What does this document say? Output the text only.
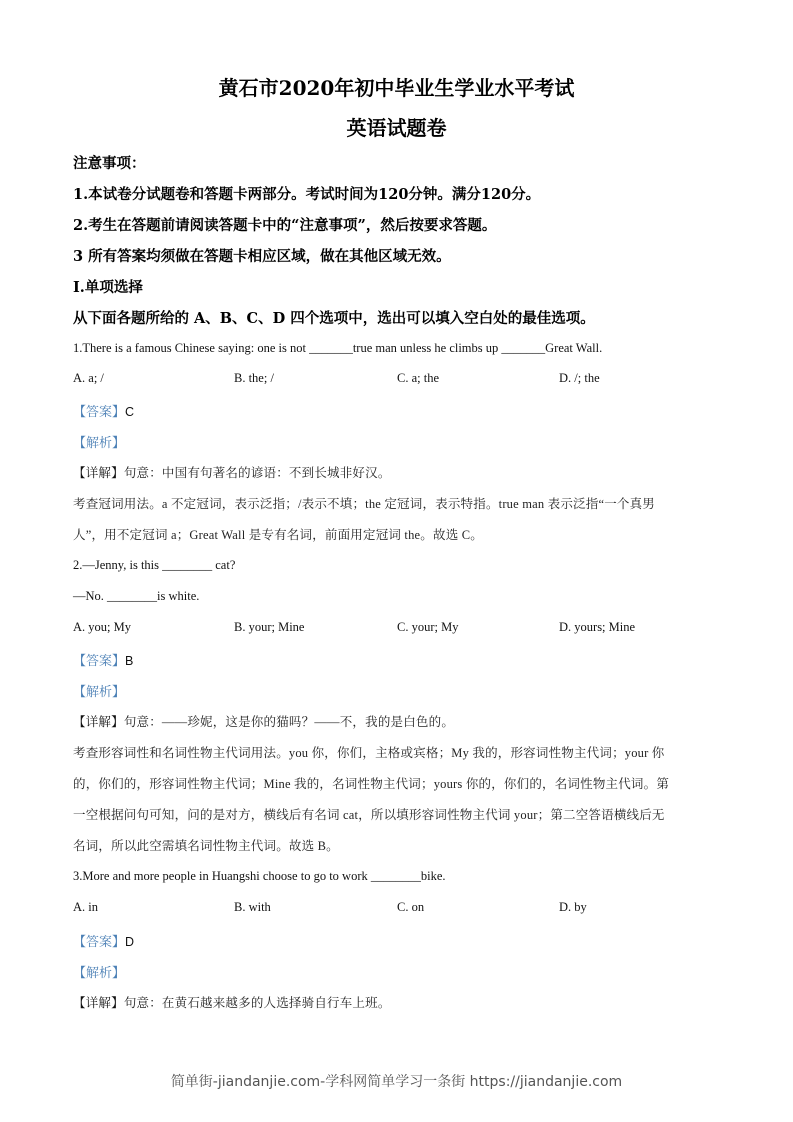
黄石市2020年初中毕业生学业水平考试
英语试题卷
注意事项：
1.本试卷分试题卷和答题卡两部分。考试时间为120分钟。满分120分。
2.考生在答题前请阅读答题卡中的“注意事项”，然后按要求答题。
3 所有答案均须做在答题卡相应区域，做在其他区域无效。
I.单项选择
从下面各题所给的 A、B、C、D 四个选项中，选出可以填入空白处的最佳选项。
1.There is a famous Chinese saying: one is not _______true man unless he climbs up _______Great Wall.
A. a; /	B. the; /	C. a; the	D. /; the
【答案】C
【解析】
【详解】句意：中国有句著名的谚语：不到长城非好汉。
考查冠词用法。a 不定冠词，表示泛指；/表示不填；the 定冠词，表示特指。true man 表示泛指“一个真男
人”，用不定冠词 a；Great Wall 是专有名词，前面用定冠词 the。故选 C。
2.—Jenny, is this ________ cat?
—No. ________is white.
A. you; My	B. your; Mine	C. your; My	D. yours; Mine
【答案】B
【解析】
【详解】句意：——珍妮，这是你的猫吗？——不，我的是白色的。
考查形容词性和名词性物主代词用法。you 你，你们，主格或宾格；My 我的，形容词性物主代词；your 你
的，你们的，形容词性物主代词；Mine 我的，名词性物主代词；yours 你的，你们的，名词性物主代词。第
一空根据问句可知，问的是对方，横线后有名词 cat，所以填形容词性物主代词 your；第二空答语横线后无
名词，所以此空需填名词性物主代词。故选 B。
3.More and more people in Huangshi choose to go to work ________bike.
A. in	B. with	C. on	D. by
【答案】D
【解析】
【详解】句意：在黄石越来越多的人选择骑自行车上班。
简单街-jiandanjie.com-学科网简单学习一条街 https://jiandanjie.com
